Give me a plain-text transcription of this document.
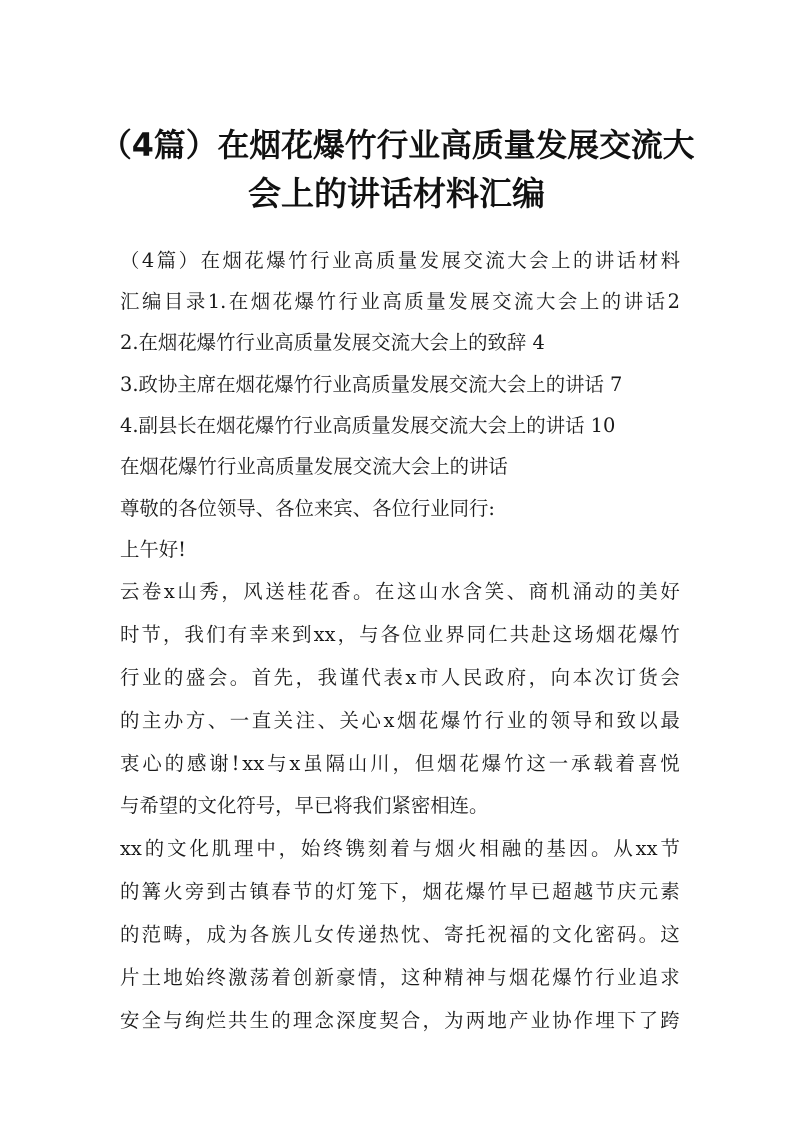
（4篇）在烟花爆竹行业高质量发展交流大
会上的讲话材料汇编
（ 4 篇 ） 在 烟 花 爆 竹 行 业 高 质 量 发 展 交 流 大 会 上 的 讲 话 材 料
汇 编 目 录 1. 在 烟 花 爆 竹 行 业 高 质 量 发 展 交 流 大 会 上 的 讲 话 2
2.在烟花爆竹行业高质量发展交流大会上的致辞 4
3.政协主席在烟花爆竹行业高质量发展交流大会上的讲话 7
4.副县长在烟花爆竹行业高质量发展交流大会上的讲话 10
在烟花爆竹行业高质量发展交流大会上的讲话
尊敬的各位领导、各位来宾、各位行业同行:
上午好!
云 卷 x 山 秀 ， 风 送 桂 花 香 。 在 这 山 水 含 笑 、 商 机 涌 动 的 美 好
时 节 ， 我 们 有 幸 来 到 xx ， 与 各 位 业 界 同 仁 共 赴 这 场 烟 花 爆 竹
行 业 的 盛 会 。 首 先 ， 我 谨 代 表 x 市 人 民 政 府 ， 向 本 次 订 货 会
的 主 办 方 、 一 直 关 注 、 关 心 x 烟 花 爆 竹 行 业 的 领 导 和 致 以 最
衷 心 的 感 谢 ! xx 与 x 虽 隔 山 川 ， 但 烟 花 爆 竹 这 一 承 载 着 喜 悦
与希望的文化符号，早已将我们紧密相连。
xx 的 文 化 肌 理 中 ， 始 终 镌 刻 着 与 烟 火 相 融 的 基 因 。 从 xx 节
的 篝 火 旁 到 古 镇 春 节 的 灯 笼 下 ， 烟 花 爆 竹 早 已 超 越 节 庆 元 素
的 范 畴 ， 成 为 各 族 儿 女 传 递 热 忱 、 寄 托 祝 福 的 文 化 密 码 。 这
片 土 地 始 终 激 荡 着 创 新 豪 情 ， 这 种 精 神 与 烟 花 爆 竹 行 业 追 求
安 全 与 绚 烂 共 生 的 理 念 深 度 契 合 ， 为 两 地 产 业 协 作 埋 下 了 跨
